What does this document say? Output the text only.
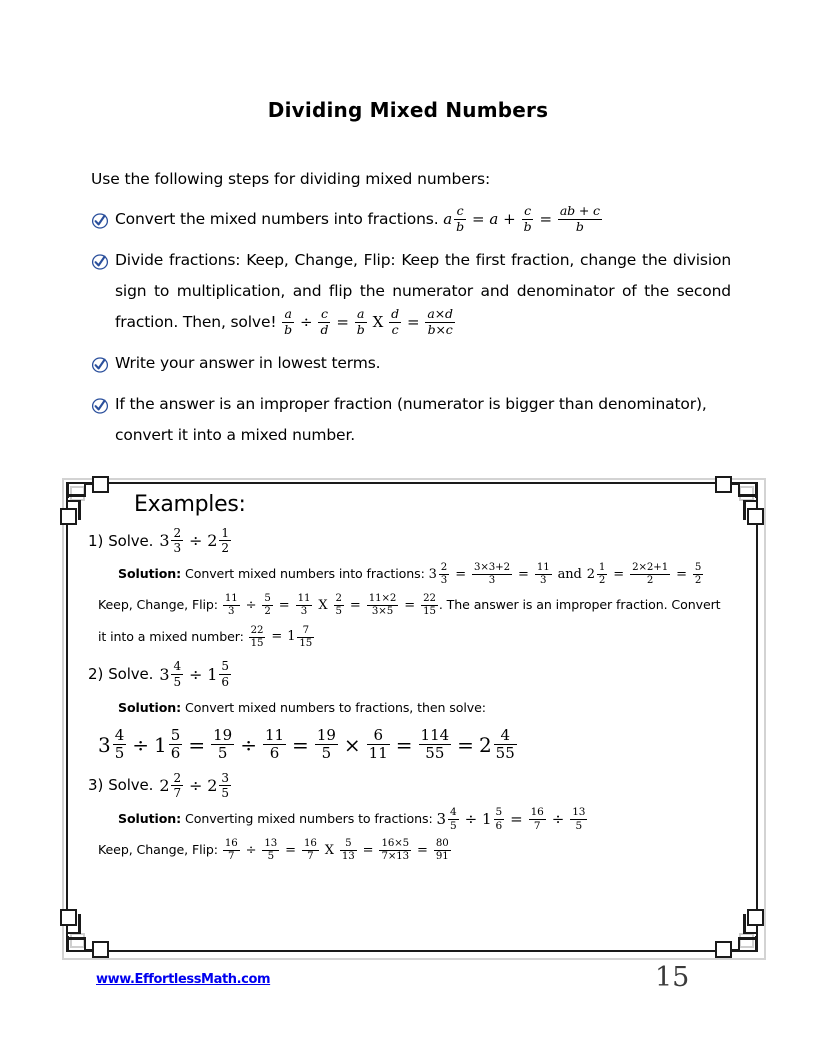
Dividing Mixed Numbers
Use the following steps for dividing mixed numbers:
Convert the mixed numbers into fractions. a $\frac{c}{b} = a + \frac{c}{b} = \frac{ab + c}{b}$
Divide fractions: Keep, Change, Flip: Keep the first fraction, change the division sign to multiplication, and flip the numerator and denominator of the second fraction. Then, solve! $\frac{a}{b} \div \frac{c}{d} = \frac{a}{b}$ X $\frac{d}{c} = \frac{a\times d}{b\times c}$
Write your answer in lowest terms.
If the answer is an improper fraction (numerator is bigger than denominator), convert it into a mixed number.
Examples:
1) Solve. $3 \frac{2}{3} \div 2 \frac{1}{2}$
Solution: Convert mixed numbers into fractions: $3 \frac{2}{3} = \frac{3\times 3+2}{3} = \frac{11}{3}$ and $2 \frac{1}{2} = \frac{2\times 2+1}{2} = \frac{5}{2}$
Keep, Change, Flip: $\frac{11}{3} \div \frac{5}{2} = \frac{11}{3}$ X $\frac{2}{5} = \frac{11\times 2}{3\times 5} = \frac{22}{15}$ . The answer is an improper fraction. Convert
it into a mixed number: $\frac{22}{15} = 1 \frac{7}{15}$
2) Solve. $3 \frac{4}{5} \div 1 \frac{5}{6}$
Solution: Convert mixed numbers to fractions, then solve:
$3 \frac{4}{5} \div 1 \frac{5}{6} = \frac{19}{5} \div \frac{11}{6} = \frac{19}{5} \times \frac{6}{11} = \frac{114}{55} = 2 \frac{4}{55}$
3) Solve. $2 \frac{2}{7} \div 2 \frac{3}{5}$
Solution: Converting mixed numbers to fractions: $3 \frac{4}{5} \div 1 \frac{5}{6} = \frac{16}{7} \div \frac{13}{5}$
Keep, Change, Flip: $\frac{16}{7} \div \frac{13}{5} = \frac{16}{7}$ X $\frac{5}{13} = \frac{16\times 5}{7\times 13} = \frac{80}{91}$
www.EffortlessMath.com	15
